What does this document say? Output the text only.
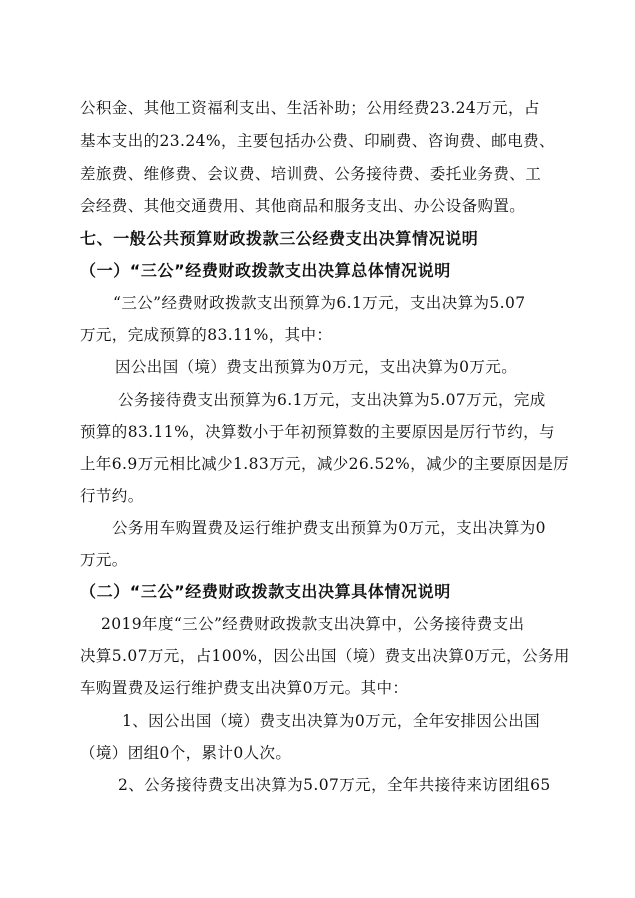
公积金、其他工资福利支出、生活补助；公用经费23.24万元，占
基本支出的23.24%，主要包括办公费、印刷费、咨询费、邮电费、
差旅费、维修费、会议费、培训费、公务接待费、委托业务费、工
会经费、其他交通费用、其他商品和服务支出、办公设备购置。
七、一般公共预算财政拨款三公经费支出决算情况说明
（一）“三公”经费财政拨款支出决算总体情况说明
“三公”经费财政拨款支出预算为6.1万元，支出决算为5.07
万元，完成预算的83.11%，其中：
因公出国（境）费支出预算为0万元，支出决算为0万元。
公务接待费支出预算为6.1万元，支出决算为5.07万元，完成
预算的83.11%，决算数小于年初预算数的主要原因是厉行节约，与
上年6.9万元相比减少1.83万元，减少26.52%，减少的主要原因是厉
行节约。
公务用车购置费及运行维护费支出预算为0万元，支出决算为0
万元。
（二）“三公”经费财政拨款支出决算具体情况说明
2019年度“三公”经费财政拨款支出决算中，公务接待费支出
决算5.07万元，占100%，因公出国（境）费支出决算0万元，公务用
车购置费及运行维护费支出决算0万元。其中：
1、因公出国（境）费支出决算为0万元，全年安排因公出国
（境）团组0个，累计0人次。
2、公务接待费支出决算为5.07万元，全年共接待来访团组65
